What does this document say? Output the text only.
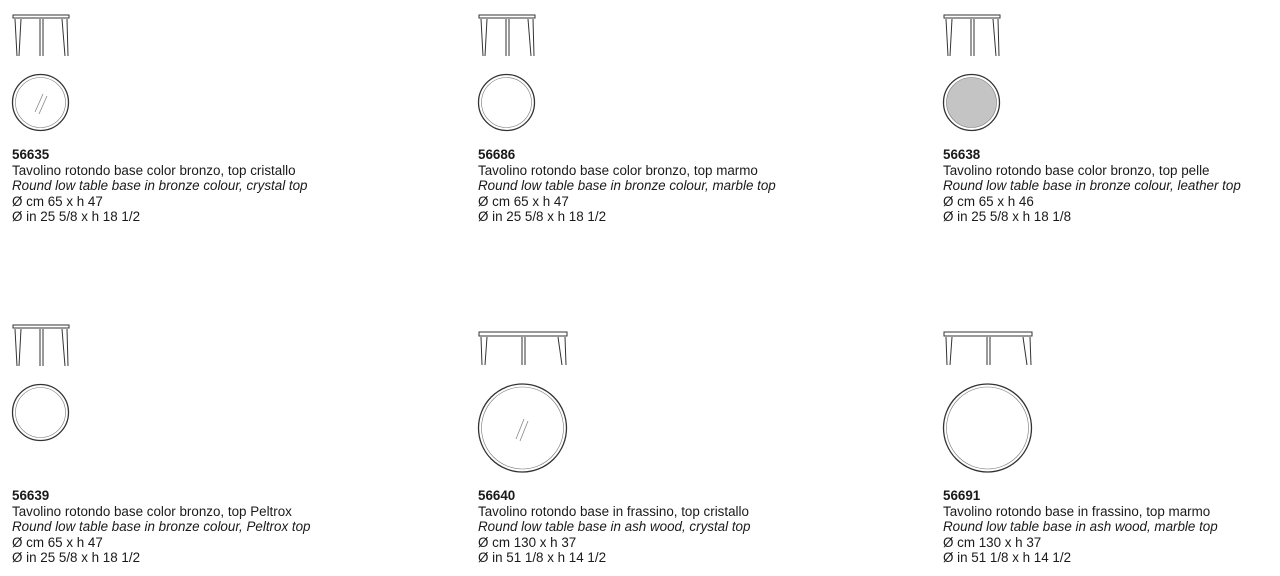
56635
Tavolino rotondo base color bronzo, top cristallo
Round low table base in bronze colour, crystal top
Ø cm 65 x h 47
Ø in 25 5/8 x h 18 1/2
56686
Tavolino rotondo base color bronzo, top marmo
Round low table base in bronze colour, marble top
Ø cm 65 x h 47
Ø in 25 5/8 x h 18 1/2
56638
Tavolino rotondo base color bronzo, top pelle
Round low table base in bronze colour, leather top
Ø cm 65 x h 46
Ø in 25 5/8 x h 18 1/8
56639
Tavolino rotondo base color bronzo, top Peltrox
Round low table base in bronze colour, Peltrox top
Ø cm 65 x h 47
Ø in 25 5/8 x h 18 1/2
56640
Tavolino rotondo base in frassino, top cristallo
Round low table base in ash wood, crystal top
Ø cm 130 x h 37
Ø in 51 1/8 x h 14 1/2
56691
Tavolino rotondo base in frassino, top marmo
Round low table base in ash wood, marble top
Ø cm 130 x h 37
Ø in 51 1/8 x h 14 1/2
